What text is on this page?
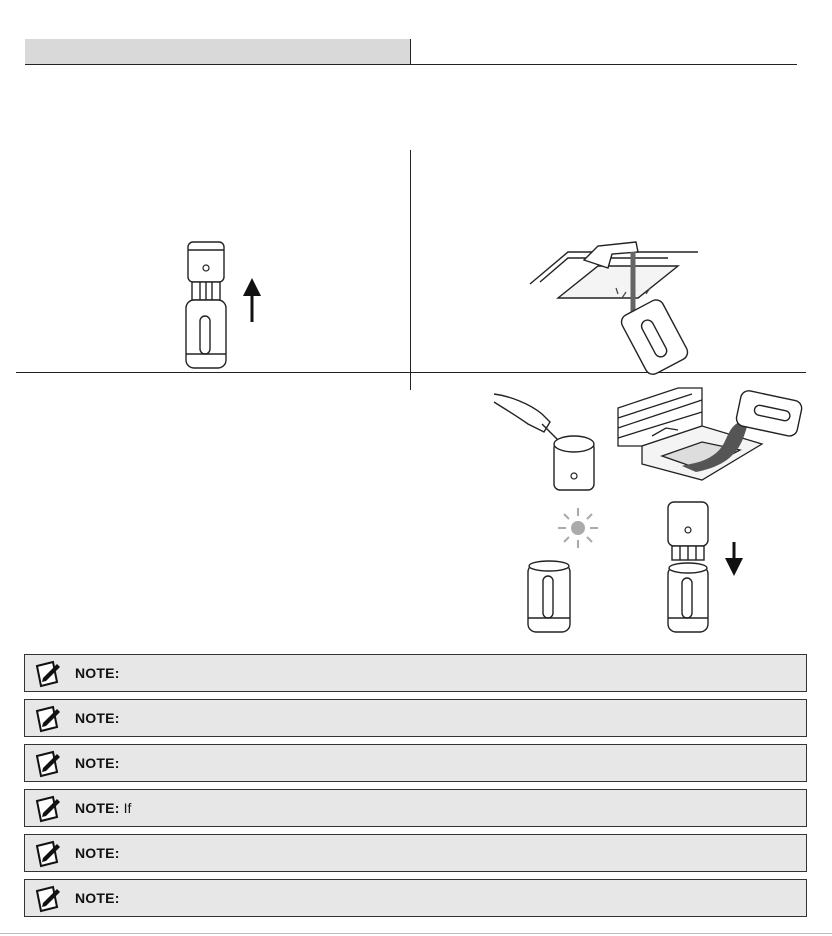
NOTE:
NOTE:
NOTE:
NOTE: If
NOTE:
NOTE:
